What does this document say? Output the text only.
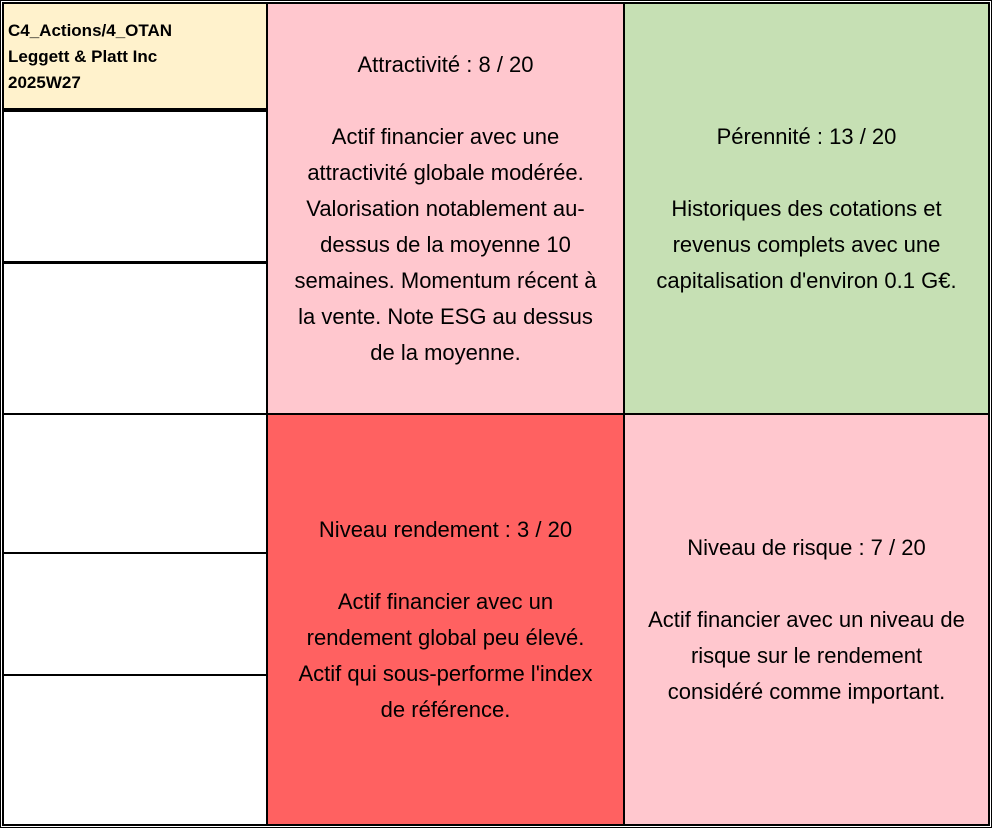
C4_Actions/4_OTAN
Leggett & Platt Inc
2025W27
Attractivité : 8 / 20
Actif financier avec une
attractivité globale modérée.
Valorisation notablement au-
dessus de la moyenne 10
semaines. Momentum récent à
la vente. Note ESG au dessus
de la moyenne.
Pérennité : 13 / 20
Historiques des cotations et
revenus complets avec une
capitalisation d'environ 0.1 G€.
Niveau rendement : 3 / 20
Actif financier avec un
rendement global peu élevé.
Actif qui sous-performe l'index
de référence.
Niveau de risque : 7 / 20
Actif financier avec un niveau de
risque sur le rendement
considéré comme important.
